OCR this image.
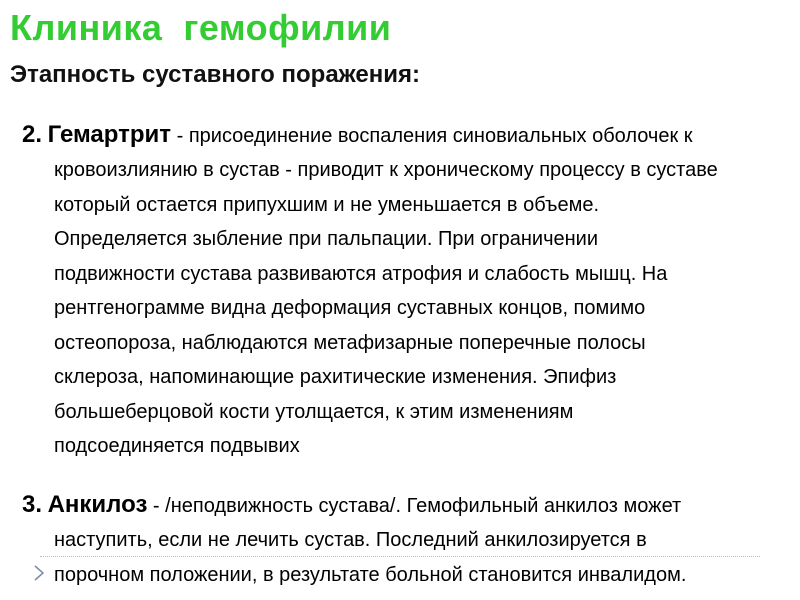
Клиника  гемофилии
Этапность суставного поражения:
2. Гемартрит - присоединение воспаления синовиальных оболочек к
кровоизлиянию в сустав - приводит к хроническому процессу в суставе
который остается припухшим и не уменьшается в объеме.
Определяется зыбление при пальпации. При ограничении
подвижности сустава развиваются атрофия и слабость мышц. На
рентгенограмме видна деформация суставных концов, помимо
остеопороза, наблюдаются метафизарные поперечные полосы
склероза, напоминающие рахитические изменения. Эпифиз
большеберцовой кости утолщается, к этим изменениям
подсоединяется подвывих
3. Анкилоз - /неподвижность сустава/. Гемофильный анкилоз может
наступить, если не лечить сустав. Последний анкилозируется в
порочном положении, в результате больной становится инвалидом.
